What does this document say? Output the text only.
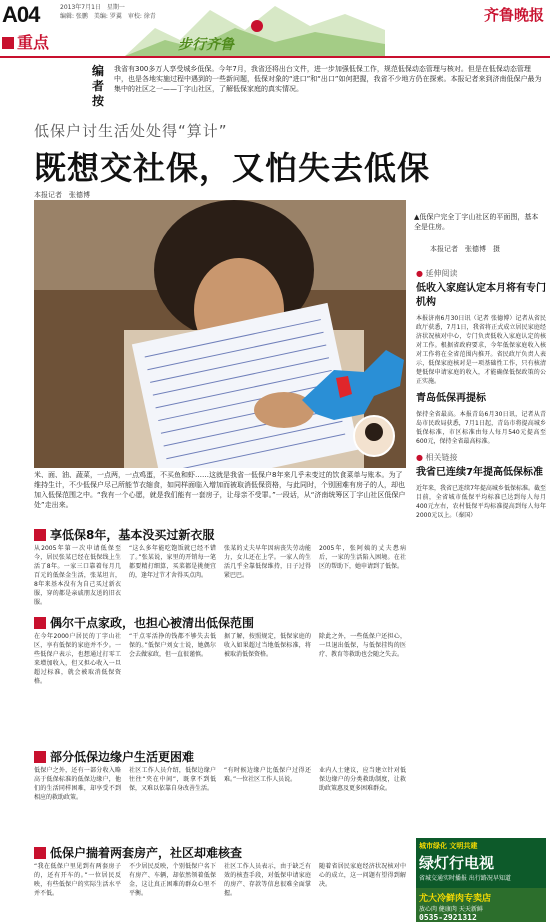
A04	2013年7月1日　星期一
编辑: 张鹏　美编: 罗翼　审校: 徐青
重点	步行齐鲁
齐鲁晚报
编者按
我省有300多万人享受城乡低保。今年7月，我省还将出台文件，进一步加强低保工作，规范低保动态管理与核对。但是在低保动态管理中，也是各地实施过程中遇到的一些新问题，低保对象的“进口”和“出口”如何把握，我省不少地方仍在探索。本报记者来到济南低保户最为集中的社区之一——丁字山社区，了解低保家庭的真实情况。
低保户讨生活处处得“算计”
既想交社保，又怕失去低保
本报记者　张德博
米、面、油、蔬菜，一点两，一点鸡蛋，不买鱼和虾……这就是我省一低保户8年来几乎未变过的饮食菜单与账本。为了维持生计，不少低保户尽己所能节衣缩食，如同样面临入增加而被取消低保资格，与此同时，个别困难有房子的人，却也加入低保范围之中。“我有一个心愿，就是我们能有一套房子，让母亲不受罪。”一段话，从“济南统筹区丁字山社区低保户处”走出来。
▲低保户完全丁字山社区的平面图，基本全是住房。
本报记者　张德博　摄
● 延伸阅读
低收入家庭认定本月将有专门机构
本报济南6月30日讯（记者 张德博）记者从省民政厅获悉，7月1日，我省将正式成立居民家庭经济状况核对中心，专门负责低收入家庭认定的核对工作。根据省政府要求，今年低保家庭收入核对工作将在全省范围内推开。省民政厅负责人表示，低保家庭核对是一项基础性工作，只有核清楚低保申请家庭的收入，才能确保低保政策的公正实施。
青岛低保再提标
保持全省最高。本报青岛6月30日讯，记者从青岛市民政局获悉，7月1日起，青岛市将提高城乡低保标准，市区标准由每人每月540元提高至600元，保持全省最高标准。
● 相关链接
我省已连续7年提高低保标准
近年来，我省已连续7年提高城乡低保标准。截至目前，全省城市低保平均标准已达到每人每月400元左右，农村低保平均标准提高到每人每年2000元以上。（秦国）
享低保8年，基本没买过新衣服
从2005年第一次申请低保至今，居民张某已经在低保线上生活了8年。一家三口靠着每月几百元的低保金生活，张某坦言，8年来基本没有为自己买过新衣服，穿的都是亲戚朋友送的旧衣服。
“这么多年能吃饱饭就已经不错了。”张某说，家里的开销每一笔都要精打细算，买菜都是挑便宜的，逢年过节才舍得买点肉。
张某的丈夫早年因病丧失劳动能力，女儿还在上学。一家人的生活几乎全靠低保维持，日子过得紧巴巴。
2005年，张阿姨的丈夫患病后，一家的生活陷入困境。在社区的帮助下，她申请到了低保。
偶尔干点家政，也担心被清出低保范围
在今年2000户居民的丁字山社区，享有低保的家庭并不少。一些低保户表示，也想通过打零工来增加收入，但又担心收入一旦超过标准，就会被取消低保资格。
“干点零活挣的钱都不够失去低保的。”低保户刘女士说，她偶尔会去做家政，但一直很谨慎。
据了解，按照规定，低保家庭的收入如果超过当地低保标准，将被取消低保资格。
除此之外，一些低保户还担心，一旦退出低保，与低保挂钩的医疗、教育等救助也会随之失去。
部分低保边缘户生活更困难
低保户之外，还有一部分收入略高于低保标准的低保边缘户，他们的生活同样困难，却享受不到相应的救助政策。
社区工作人员介绍，低保边缘户往往“夹在中间”，既拿不到低保，又难以依靠自身改善生活。
“有时候边缘户比低保户过得还难。”一位社区工作人员说。
业内人士建议，应当建立针对低保边缘户的分类救助制度，让救助政策惠及更多困难群众。
低保户揣着两套房产，社区却难核查
“我在低保户里见到有两套房子的，还有开车的。”一位居民反映，有些低保户的实际生活水平并不低。
不少居民反映，个别低保户名下有房产、车辆，却依然领着低保金，这让真正困难的群众心里不平衡。
社区工作人员表示，由于缺乏有效的核查手段，对低保申请家庭的房产、存款等信息很难全面掌握。
随着省居民家庭经济状况核对中心的成立，这一问题有望得到解决。
城市绿化 文明共建
绿灯行电视
省城交通实时播报 出行路况早知道
尤大冷鲜肉专卖店
放心肉 健康肉 天天新鲜
0535-2921312
